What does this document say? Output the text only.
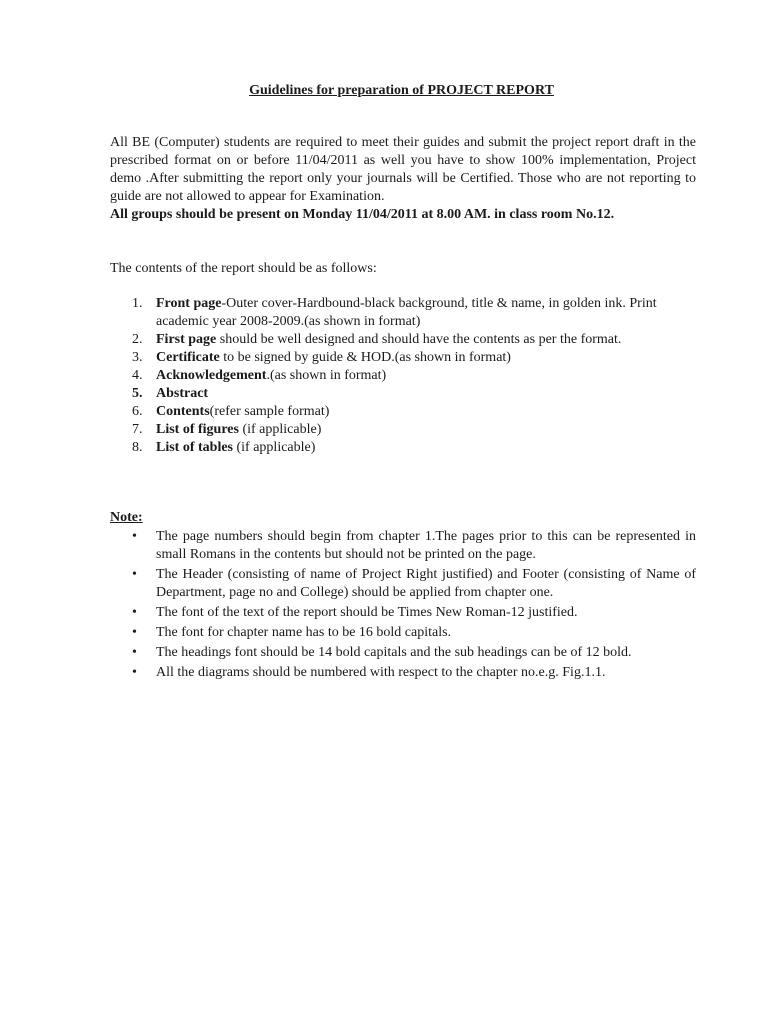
Guidelines for preparation of PROJECT REPORT

All BE (Computer) students are required to meet their guides and submit the project report draft in the prescribed format on or before 11/04/2011 as well you have to show 100% implementation, Project demo .After submitting the report only your journals will be Certified. Those who are not reporting to guide are not allowed to appear for Examination.

All groups should be present on Monday 11/04/2011 at 8.00 AM. in class room No.12.

The contents of the report should be as follows:
1. Front page-Outer cover-Hardbound-black background, title & name, in golden ink. Print academic year 2008-2009.(as shown in format)
2. First page should be well designed and should have the contents as per the format.
3. Certificate to be signed by guide & HOD.(as shown in format)
4. Acknowledgement.(as shown in format)
5. Abstract
6. Contents(refer sample format)
7. List of figures (if applicable)
8. List of tables (if applicable)
Note:
• The page numbers should begin from chapter 1.The pages prior to this can be represented in small Romans in the contents but should not be printed on the page.
• The Header (consisting of name of Project Right justified) and Footer (consisting of Name of Department, page no and College) should be applied from chapter one.
• The font of the text of the report should be Times New Roman-12 justified.
• The font for chapter name has to be 16 bold capitals.
• The headings font should be 14 bold capitals and the sub headings can be of 12 bold.
• All the diagrams should be numbered with respect to the chapter no.e.g. Fig.1.1.
